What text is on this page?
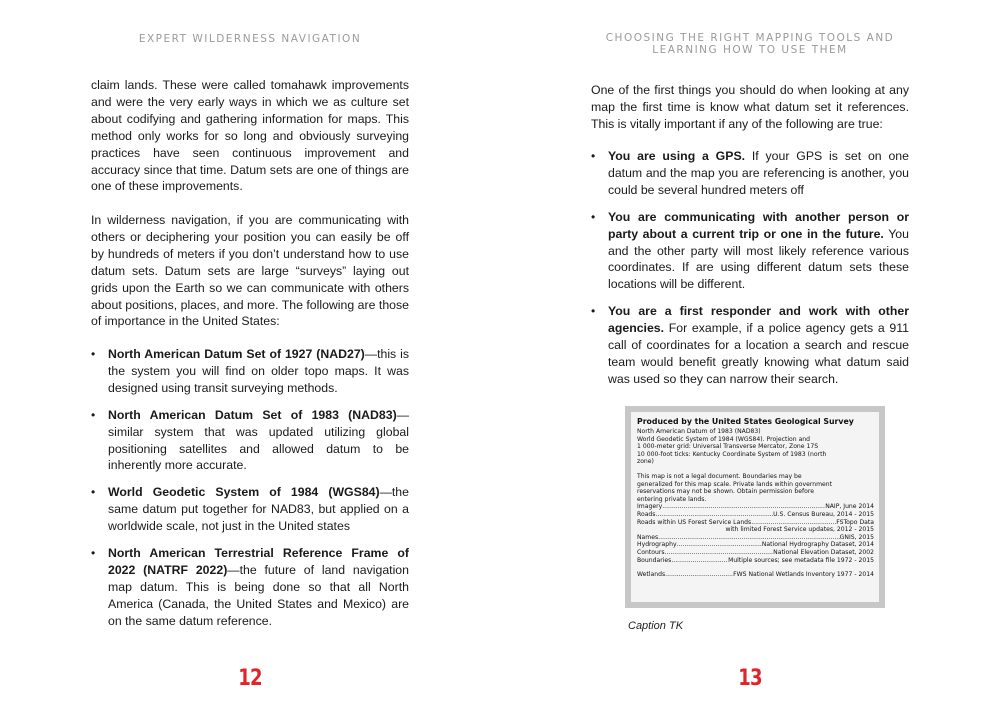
EXPERT WILDERNESS NAVIGATION

claim lands. These were called tomahawk improvements and were the very early ways in which we as culture set about codifying and gathering information for maps. This method only works for so long and obviously surveying practices have seen continuous improvement and accuracy since that time. Datum sets are one of things are one of these improvements.

In wilderness navigation, if you are communicating with others or deciphering your position you can easily be off by hundreds of meters if you don’t understand how to use datum sets. Datum sets are large “surveys” laying out grids upon the Earth so we can communicate with others about positions, places, and more. The following are those of importance in the United States:

• North American Datum Set of 1927 (NAD27)—this is the system you will find on older topo maps. It was designed using transit surveying methods.
• North American Datum Set of 1983 (NAD83)—similar system that was updated utilizing global positioning satellites and allowed datum to be inherently more accurate.
• World Geodetic System of 1984 (WGS84)—the same datum put together for NAD83, but applied on a worldwide scale, not just in the United states
• North American Terrestrial Reference Frame of 2022 (NATRF 2022)—the future of land navigation map datum. This is being done so that all North America (Canada, the United States and Mexico) are on the same datum reference.
12
CHOOSING THE RIGHT MAPPING TOOLS AND LEARNING HOW TO USE THEM

One of the first things you should do when looking at any map the first time is know what datum set it references. This is vitally important if any of the following are true:

• You are using a GPS. If your GPS is set on one datum and the map you are referencing is another, you could be several hundred meters off
• You are communicating with another person or party about a current trip or one in the future. You and the other party will most likely reference various coordinates. If are using different datum sets these locations will be different.
• You are a first responder and work with other agencies. For example, if a police agency gets a 911 call of coordinates for a location a search and rescue team would benefit greatly knowing what datum said was used so they can narrow their search.
Produced by the United States Geological Survey
North American Datum of 1983 (NAD83)
World Geodetic System of 1984 (WGS84). Projection and
1 000-meter grid: Universal Transverse Mercator, Zone 17S
10 000-foot ticks: Kentucky Coordinate System of 1983 (north
zone)
This map is not a legal document. Boundaries may be
generalized for this map scale. Private lands within government
reservations may not be shown. Obtain permission before
entering private lands.
Imagery .....	NAIP, June 2014
Roads .....	U.S. Census Bureau, 2014 - 2015
Roads within US Forest Service Lands .....	FSTopo Data
with limited Forest Service updates, 2012 - 2015
Names .....	GNIS, 2015
Hydrography .....	National Hydrography Dataset, 2014
Contours .....	National Elevation Dataset, 2002
Boundaries .....	Multiple sources; see metadata file 1972 - 2015
Wetlands .....	FWS National Wetlands Inventory 1977 - 2014
Caption TK
13
